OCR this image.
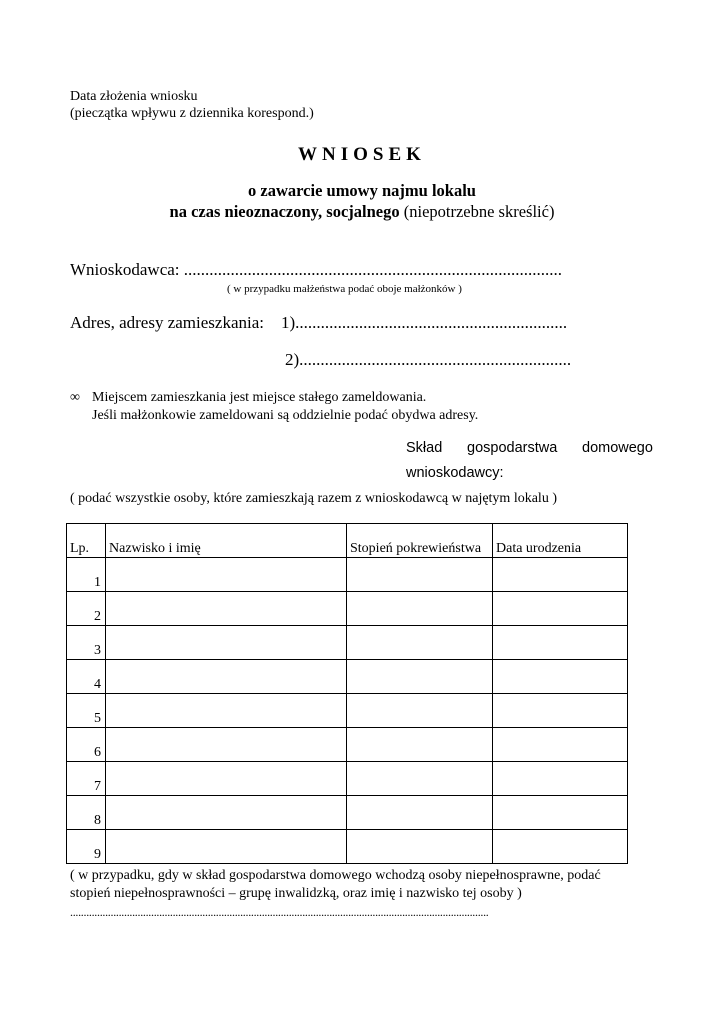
Data złożenia wniosku
(pieczątka wpływu z dziennika korespond.)
WNIOSEK
o zawarcie umowy najmu lokalu
na czas nieoznaczony, socjalnego (niepotrzebne skreślić)
Wnioskodawca: .........................................................................................
( w przypadku małżeństwa podać oboje małżonków )
Adres, adresy zamieszkania: 1)................................................................
2)................................................................
∞ Miejscem zamieszkania jest miejsce stałego zameldowania.
Jeśli małżonkowie zameldowani są oddzielnie podać obydwa adresy.
Skład gospodarstwa domowego
wnioskodawcy:
( podać wszystkie osoby, które zamieszkają razem z wnioskodawcą w najętym lokalu )
Lp.	Nazwisko i imię	Stopień pokrewieństwa	Data urodzenia
1			
2			
3			
4			
5			
6			
7			
8			
9			
( w przypadku, gdy w skład gospodarstwa domowego wchodzą osoby niepełnosprawne, podać
stopień niepełnosprawności – grupę inwalidzką, oraz imię i nazwisko tej osoby )
...........................................................................................................................................................
